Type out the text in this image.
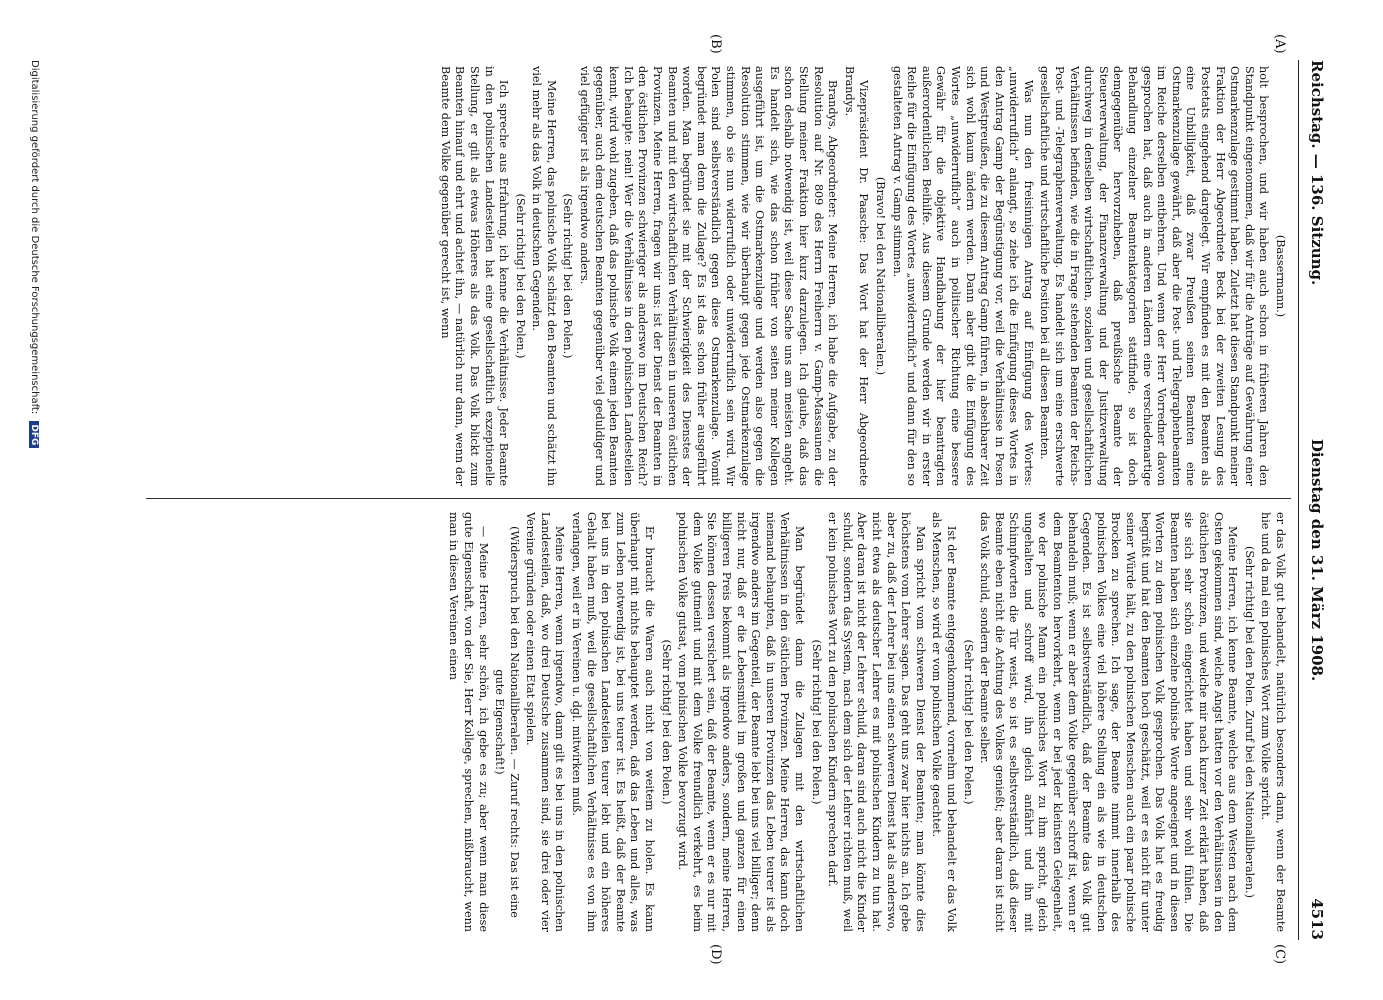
Reichstag. — 136. Sitzung.
Dienstag den 31. März 1908.
4513
(A)
(B)
(C)
(D)

(Bassermann.)

holt besprochen, und wir haben auch schon in früheren Jahren den Standpunkt eingenommen, daß wir für die Anträge auf Gewährung einer Ostmarkenzulage gestimmt haben. Zuletzt hat diesen Standpunkt meiner Fraktion der Herr Abgeordnete Beck bei der zweiten Lesung des Postetats eingehend dargelegt. Wir empfinden es mit den Beamten als eine Unbilligkeit, daß zwar Preußen seinen Beamten eine Ostmarkenzulage gewährt, daß aber die Post- und Telegraphenbeamten im Reiche derselben entbehren. Und wenn der Herr Vorredner davon gesprochen hat, daß auch in anderen Ländern eine verschiedenartige Behandlung einzelner Beamtenkategorien stattfinde, so ist doch demgegenüber hervorzuheben, daß preußische Beamte der Steuerverwaltung, der Finanzverwaltung und der Justizverwaltung durchweg in denselben wirtschaftlichen, sozialen und gesellschaftlichen Verhältnissen befinden, wie die in Frage stehenden Beamten der Reichs-Post- und -Telegraphenverwaltung. Es handelt sich um eine erschwerte gesellschaftliche und wirtschaftliche Position bei all diesen Beamten.

Was nun den freisinnigen Antrag auf Einfügung des Wortes: „unwiderruflich“ anlangt, so ziehe ich die Einfügung dieses Wortes in den Antrag Gamp der Begünstigung vor, weil die Verhältnisse in Posen und Westpreußen, die zu diesem Antrag Gamp führen, in absehbarer Zeit sich wohl kaum ändern werden. Dann aber gibt die Einfügung des Wortes „unwiderruflich“ auch in politischer Richtung eine bessere Gewähr für die objektive Handhabung der hier beantragten außerordentlichen Beihilfe. Aus diesem Grunde werden wir in erster Reihe für die Einfügung des Wortes „unwiderruflich“ und dann für den so gestalteten Antrag v. Gamp stimmen.

(Bravo! bei den Nationalliberalen.)

Vizepräsident Dr. Paasche: Das Wort hat der Herr Abgeordnete Brandys.

Brandys, Abgeordneter: Meine Herren, ich habe die Aufgabe, zu der Resolution auf Nr. 809 des Herrn Freiherrn v. Gamp-Massaunen die Stellung meiner Fraktion hier kurz darzulegen. Ich glaube, daß das schon deshalb notwendig ist, weil diese Sache uns am meisten angeht. Es handelt sich, wie das schon früher von seiten meiner Kollegen ausgeführt ist, um die Ostmarkenzulage und werden also gegen die Resolution stimmen, wie wir überhaupt gegen jede Ostmarkenzulage stimmen, ob sie nun widerruflich oder unwiderruflich sein wird. Wir Polen sind selbstverständlich gegen diese Ostmarkenzulage. Womit begründet man denn die Zulage? Es ist das schon früher ausgeführt worden. Man begründet sie mit der Schwierigkeit des Dienstes der Beamten und mit den wirtschaftlichen Verhältnissen in unseren östlichen Provinzen. Meine Herren, fragen wir uns: ist der Dienst der Beamten in den östlichen Provinzen schwieriger als anderswo im Deutschen Reich? Ich behaupte: nein! Wer die Verhältnisse in den polnischen Landesteilen kennt, wird wohl zugeben, daß das polnische Volk einem jeden Beamten gegenüber, auch dem deutschen Beamten gegenüber viel geduldiger und viel gefügiger ist als irgendwo anders.

(Sehr richtig! bei den Polen.)

Meine Herren, das polnische Volk schätzt den Beamten und schätzt ihn viel mehr als das Volk in deutschen Gegenden.

(Sehr richtig! bei den Polen.)

Ich spreche aus Erfahrung, ich kenne die Verhältnisse. Jeder Beamte in den polnischen Landesteilen hat eine gesellschaftlich exzeptionelle Stellung, er gilt als etwas Höheres als das Volk. Das Volk blickt zum Beamten hinauf und ehrt und achtet ihn, — natürlich nur dann, wenn der Beamte dem Volke gegenüber gerecht ist, wenn

er das Volk gut behandelt, natürlich besonders dann, wenn der Beamte hie und da mal ein polnisches Wort zum Volke spricht.

(Sehr richtig! bei den Polen. Zuruf bei den Nationalliberalen.)

Meine Herren, ich kenne Beamte, welche aus dem Westen nach dem Osten gekommen sind, welche Angst hatten vor den Verhältnissen in den östlichen Provinzen, und welche mir nach kurzer Zeit erklärt haben, daß sie sich sehr schön eingerichtet haben und sehr wohl fühlen. Die Beamten haben sich einzelne polnische Worte angeeignet und in diesen Worten zu dem polnischen Volk gesprochen. Das Volk hat es freudig begrüßt und hat den Beamten hoch geschätzt, weil er es nicht für unter seiner Würde hält, zu den polnischen Menschen auch ein paar polnische Brocken zu sprechen. Ich sage, der Beamte nimmt innerhalb des polnischen Volkes eine viel höhere Stellung ein als wie in deutschen Gegenden. Es ist selbstverständlich, daß der Beamte das Volk gut behandeln muß; wenn er aber dem Volke gegenüber schroff ist, wenn er dem Beamtenton hervorkehrt, wenn er bei jeder kleinsten Gelegenheit, wo der polnische Mann ein polnisches Wort zu ihm spricht, gleich ungehalten und schroff wird, ihn gleich anfährt und ihn mit Schimpfworten die Tür weist, so ist es selbstverständlich, daß dieser Beamte eben nicht die Achtung des Volkes genießt; aber daran ist nicht das Volk schuld, sondern der Beamte selber.

(Sehr richtig! bei den Polen.)

Ist der Beamte entgegenkommend, vornehm und behandelt er das Volk als Menschen, so wird er vom polnischen Volke geachtet.

Man spricht vom schweren Dienst der Beamten; man könnte dies höchstens vom Lehrer sagen. Das geht uns zwar hier nichts an. Ich gebe aber zu, daß der Lehrer bei uns einen schweren Dienst hat als anderswo, nicht etwa als deutscher Lehrer es mit polnischen Kindern zu tun hat. Aber daran ist nicht der Lehrer schuld, daran sind auch nicht die Kinder schuld, sondern das System, nach dem sich der Lehrer richten muß, weil er kein polnisches Wort zu den polnischen Kindern sprechen darf.

(Sehr richtig! bei den Polen.)

Man begründet dann die Zulagen mit den wirtschaftlichen Verhältnissen in den östlichen Provinzen. Meine Herren, das kann doch niemand behaupten, daß in unseren Provinzen das Leben teurer ist als irgendwo anders im Gegenteil, der Beamte lebt bei uns viel billiger; denn nicht nur, daß er die Lebensmittel im großen und ganzen für einen billigeren Preis bekommt als irgendwo anders, sondern, meine Herren, Sie können dessen versichert sein, daß der Beamte, wenn er es nur mit dem Volke gutmeint und mit dem Volke freundlich verkehrt, es beim polnischen Volke gutsat, vom polnischen Volke bevorzugt wird.

(Sehr richtig! bei den Polen.)

Er braucht die Waren auch nicht von weitem zu holen. Es kann überhaupt mit nichts behauptet werden, daß das Leben und alles, was zum Leben notwendig ist, bei uns teurer ist. Es heißt, daß der Beamte bei uns in den polnischen Landesteilen teurer lebt und ein höheres Gehalt haben muß, weil die gesellschaftlichen Verhältnisse es von ihm verlangen, weil er in Vereinen u. dgl. mitwirken muß.

Meine Herren, wenn irgendwo, dann gilt es bei uns in den polnischen Landesteilen, daß, wo drei Deutsche zusammen sind, sie drei oder vier Vereine gründen oder einen Etat spielen.

(Widerspruch bei den Nationalliberalen. — Zuruf rechts: Das ist eine gute Eigenschaft!)

— Meine Herren, sehr schön, ich gebe es zu; aber wenn man diese gute Eigenschaft, von der Sie, Herr Kollege, sprechen, mißbraucht, wenn man in diesen Vereinen einen

Digitalisierung gefördert durch die Deutsche Forschungsgemeinschaft: DFG
